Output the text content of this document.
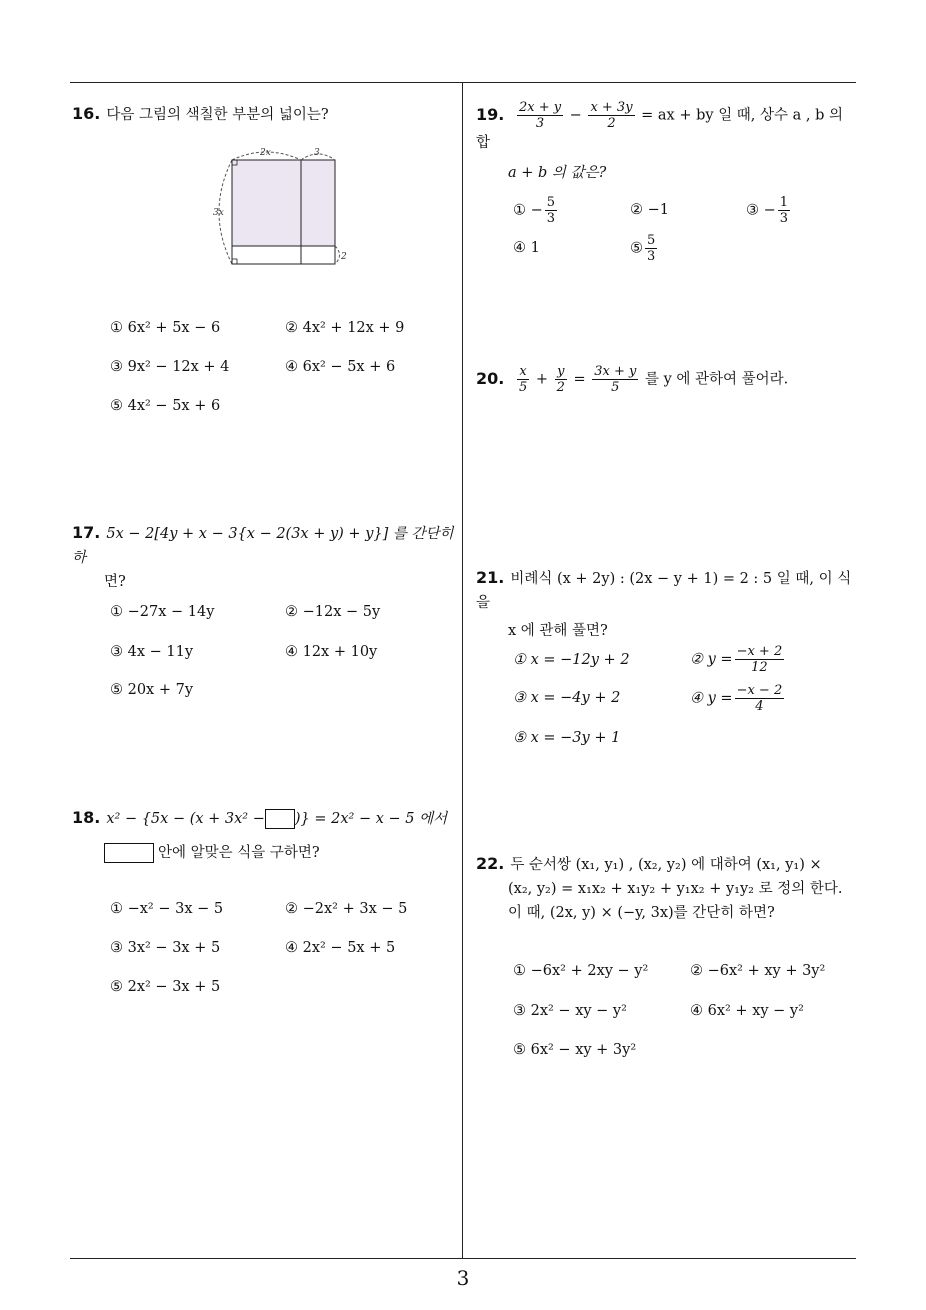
3
16. 다음 그림의 색칠한 부분의 넓이는?
2x	3
3x
2
① 6x² + 5x − 6	② 4x² + 12x + 9
③ 9x² − 12x + 4	④ 6x² − 5x + 6
⑤ 4x² − 5x + 6
17. 5x − 2[4y + x − 3{x − 2(3x + y) + y}] 를 간단히 하
면?
① −27x − 14y	② −12x − 5y
③ 4x − 11y	④ 12x + 10y
⑤ 20x + 7y
18. x² − {5x − (x + 3x² − )} = 2x² − x − 5 에서
안에 알맞은 식을 구하면?
① −x² − 3x − 5	② −2x² + 3x − 5
③ 3x² − 3x + 5	④ 2x² − 5x + 5
⑤ 2x² − 3x + 5
19. $\frac{2x + y}{3} - \frac{x + 3y}{2}$ = ax + by 일 때, 상수 a , b 의 합
a + b 의 값은?
① − $\frac{5}{3}$	② −1	③ − $\frac{1}{3}$
④ 1	⑤ $\frac{5}{3}$
20. $\frac{x}{5} + \frac{y}{2} = \frac{3x + y}{5}$ 를 y 에 관하여 풀어라.
21. 비례식 (x + 2y) : (2x − y + 1) = 2 : 5 일 때, 이 식을
x 에 관해 풀면?
① x = −12y + 2	② $y = \frac{-x + 2}{12}$
③ x = −4y + 2	④ $y = \frac{-x - 2}{4}$
⑤ x = −3y + 1
22. 두 순서쌍 (x₁, y₁) , (x₂, y₂) 에 대하여 (x₁, y₁) ×
(x₂, y₂) = x₁x₂ + x₁y₂ + y₁x₂ + y₁y₂ 로 정의 한다.
이 때, (2x, y) × (−y, 3x)를 간단히 하면?
① −6x² + 2xy − y²	② −6x² + xy + 3y²
③ 2x² − xy − y²	④ 6x² + xy − y²
⑤ 6x² − xy + 3y²
